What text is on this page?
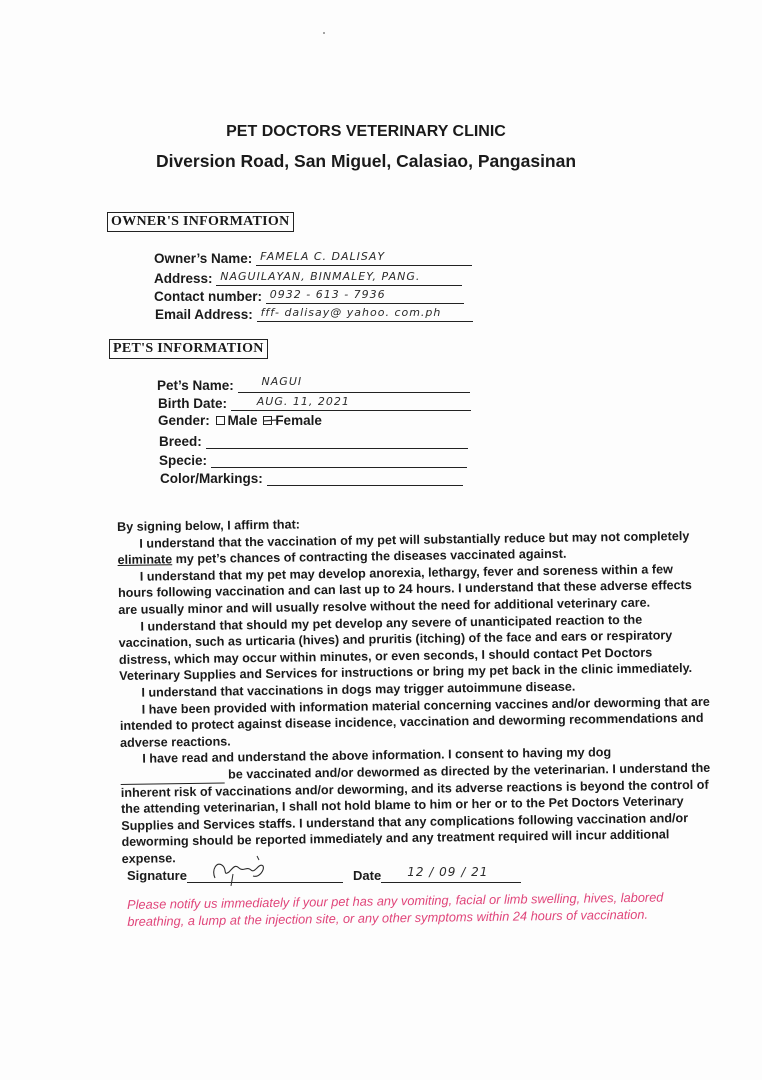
PET DOCTORS VETERINARY CLINIC
Diversion Road, San Miguel, Calasiao, Pangasinan
OWNER'S INFORMATION
Owner’s Name: FAMELA C. DALISAY
Address: NAGUILAYAN, BINMALEY, PANG.
Contact number: 0932 - 613 - 7936
Email Address: fff- dalisay@ yahoo. com.ph
PET'S INFORMATION
Pet’s Name:	NAGUI
Birth Date:	AUG. 11, 2021
Gender: Male Female
Breed:
Specie:
Color/Markings:

By signing below, I affirm that:

I understand that the vaccination of my pet will substantially reduce but may not completely eliminate my pet’s chances of contracting the diseases vaccinated against.

I understand that my pet may develop anorexia, lethargy, fever and soreness within a few hours following vaccination and can last up to 24 hours. I understand that these adverse effects are usually minor and will usually resolve without the need for additional veterinary care.

I understand that should my pet develop any severe of unanticipated reaction to the vaccination, such as urticaria (hives) and pruritis (itching) of the face and ears or respiratory distress, which may occur within minutes, or even seconds, I should contact Pet Doctors Veterinary Supplies and Services for instructions or bring my pet back in the clinic immediately.

I understand that vaccinations in dogs may trigger autoimmune disease.

I have been provided with information material concerning vaccines and/or deworming that are intended to protect against disease incidence, vaccination and deworming recommendations and adverse reactions.

I have read and understand the above information. I consent to having my dog  be vaccinated and/or dewormed as directed by the veterinarian. I understand the inherent risk of vaccinations and/or deworming, and its adverse reactions is beyond the control of the attending veterinarian, I shall not hold blame to him or her or to the Pet Doctors Veterinary Supplies and Services staffs. I understand that any complications following vaccination and/or deworming should be reported immediately and any treatment required will incur additional expense.

Signature	Date 12 / 09 / 21
Please notify us immediately if your pet has any vomiting, facial or limb swelling, hives, labored breathing, a lump at the injection site, or any other symptoms within 24 hours of vaccination.
